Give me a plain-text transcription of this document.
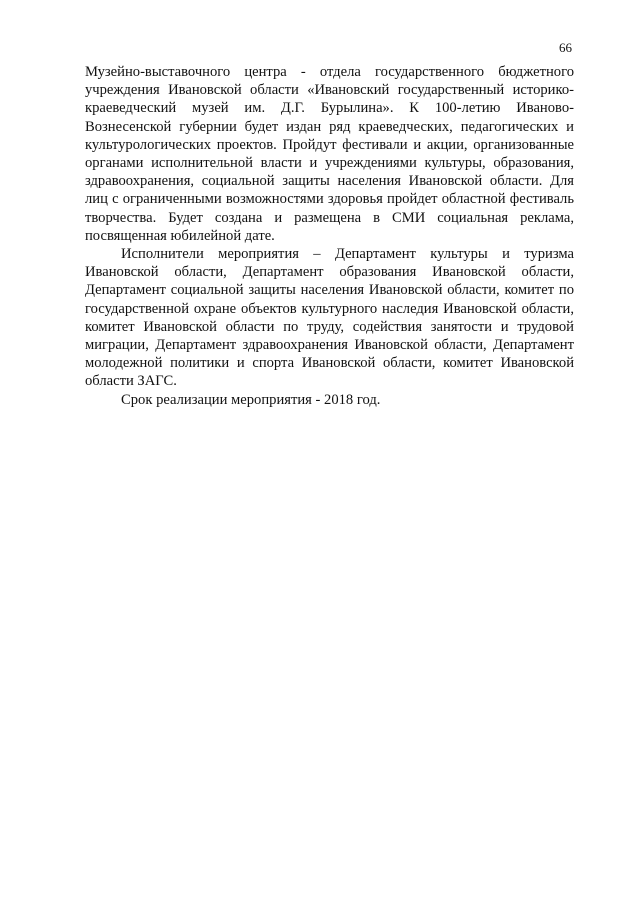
66

Музейно-выставочного центра - отдела государственного бюджетного учреждения Ивановской области «Ивановский государственный историко-краеведческий музей им. Д.Г. Бурылина». К 100-летию Иваново-Вознесенской губернии будет издан ряд краеведческих, педагогических и культурологических проектов. Пройдут фестивали и акции, организованные органами исполнительной власти и учреждениями культуры, образования, здравоохранения, социальной защиты населения Ивановской области. Для лиц с ограниченными возможностями здоровья пройдет областной фестиваль творчества. Будет создана и размещена в СМИ социальная реклама, посвященная юбилейной дате.

Исполнители мероприятия – Департамент культуры и туризма Ивановской области, Департамент образования Ивановской области, Департамент социальной защиты населения Ивановской области, комитет по государственной охране объектов культурного наследия Ивановской области, комитет Ивановской области по труду, содействия занятости и трудовой миграции, Департамент здравоохранения Ивановской области, Департамент молодежной политики и спорта Ивановской области, комитет Ивановской области ЗАГС.

Срок реализации мероприятия - 2018 год.
